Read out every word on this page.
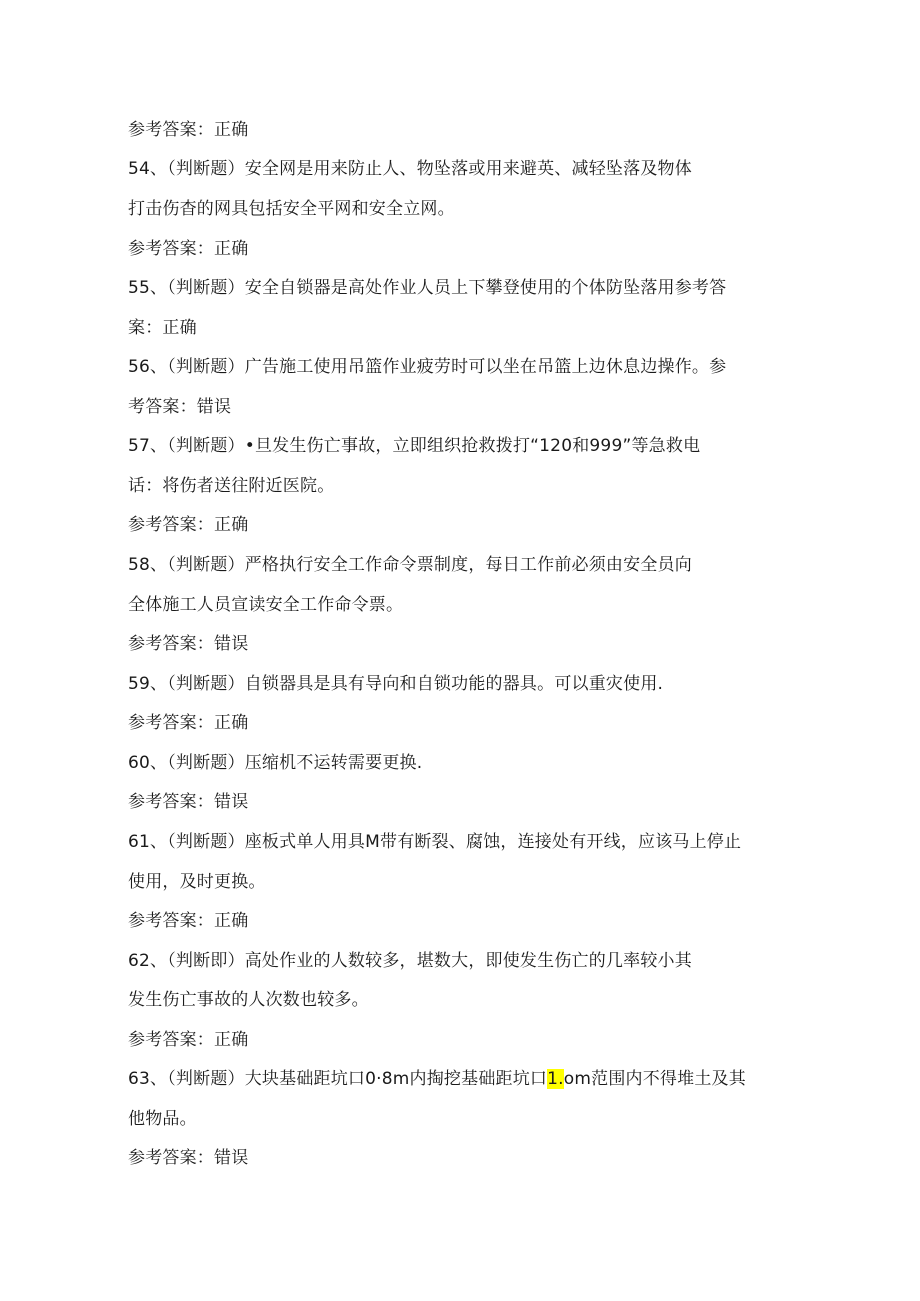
参考答案：正确
54、（判断题）安全网是用来防止人、物坠落或用来避英、减轻坠落及物体
打击伤杳的网具包括安全平网和安全立网。
参考答案：正确
55、（判断题）安全自锁器是高处作业人员上下攀登使用的个体防坠落用参考答
案：正确
56、（判断题）广告施工使用吊篮作业疲劳时可以坐在吊篮上边休息边操作。参
考答案：错误
57、（判断题）•旦发生伤亡事故，立即组织抢救拨打“120和999”等急救电
话：将伤者送往附近医院。
参考答案：正确
58、（判断题）严格执行安全工作命令票制度，每日工作前必须由安全员向
全体施工人员宣读安全工作命令票。
参考答案：错误
59、（判断题）自锁器具是具有导向和自锁功能的器具。可以重灾使用.
参考答案：正确
60、（判断题）压缩机不运转需要更换.
参考答案：错误
61、（判断题）座板式单人用具M带有断裂、腐蚀，连接处有开线，应该马上停止
使用，及时更换。
参考答案：正确
62、（判断即）高处作业的人数较多，堪数大，即使发生伤亡的几率较小其
发生伤亡事故的人次数也较多。
参考答案：正确
63、（判断题）大块基础距坑口0·8m内掏挖基础距坑口1.om范围内不得堆土及其
他物品。
参考答案：错误
